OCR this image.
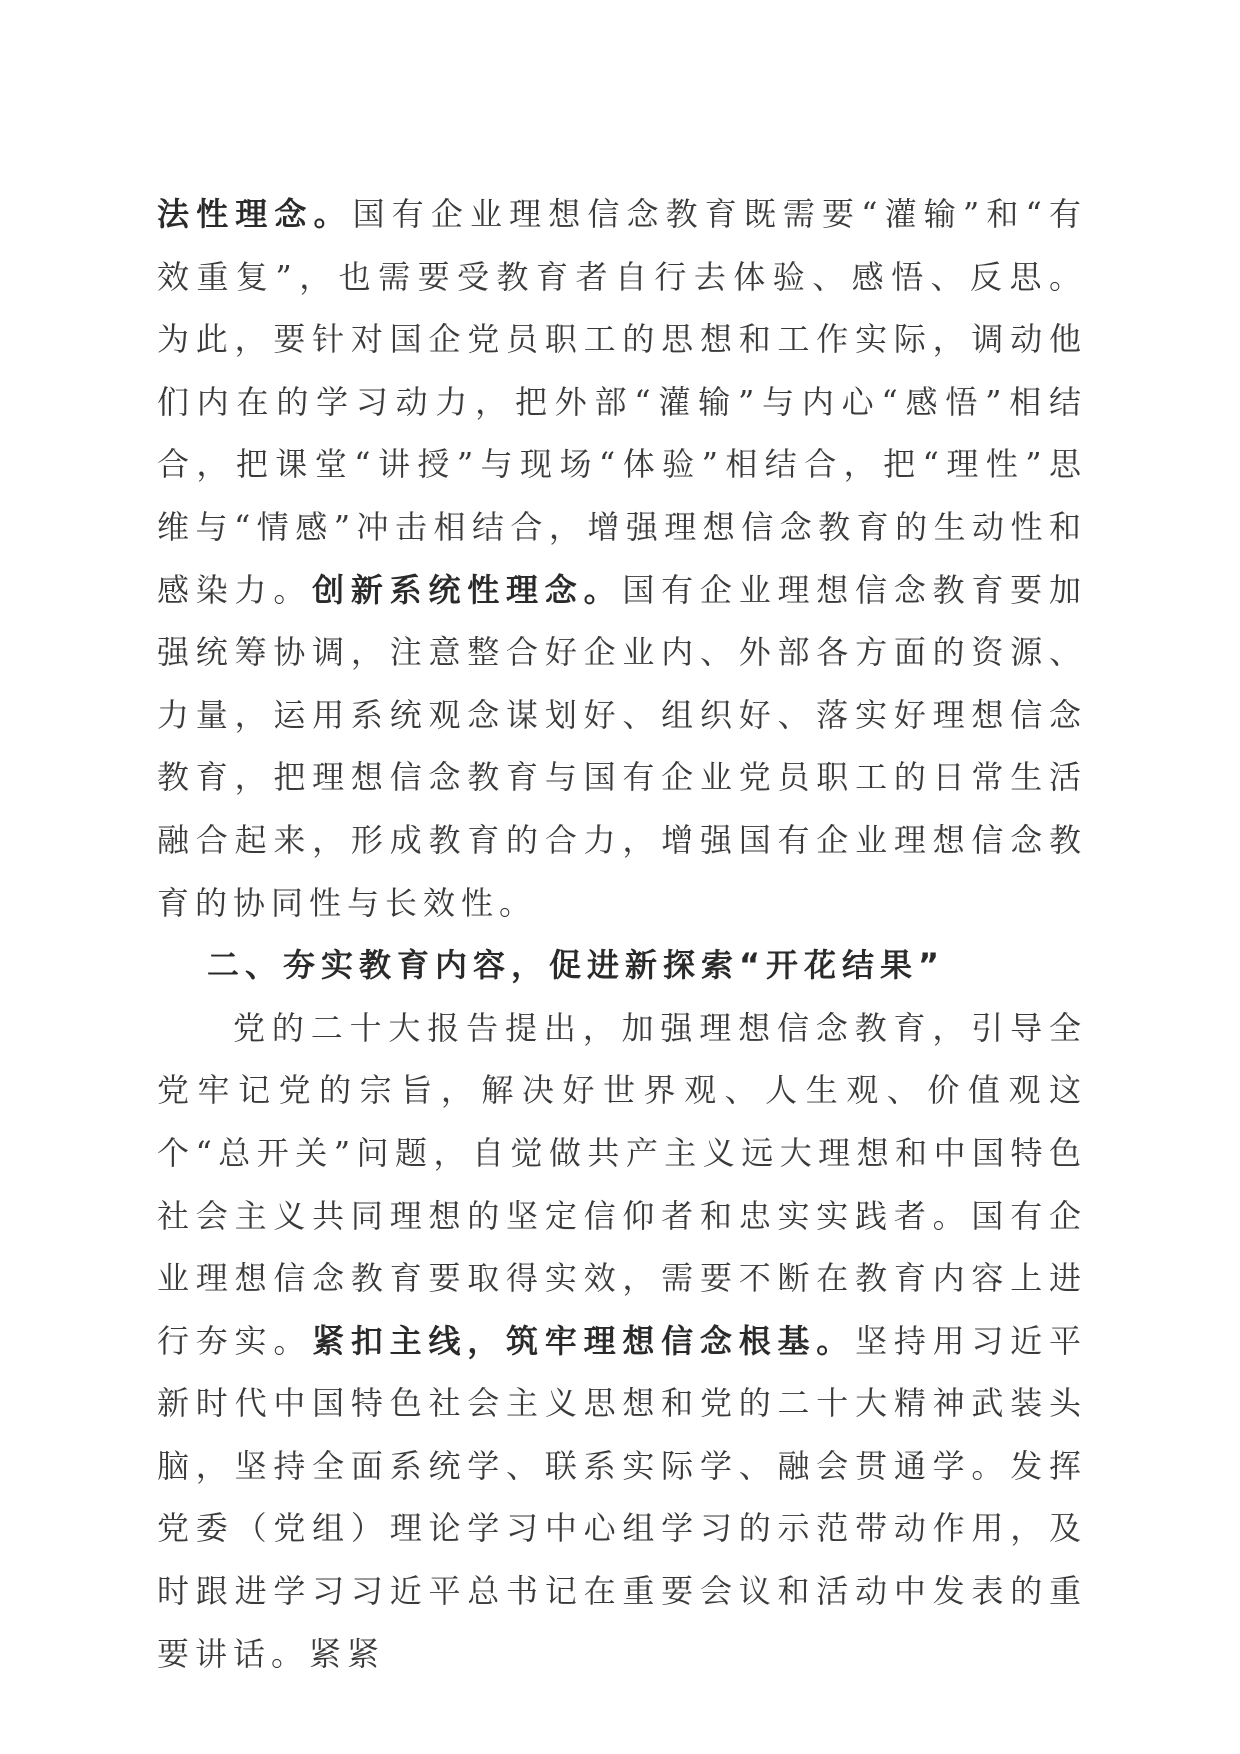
法性理念。国有企业理想信念教育既需要“灌输”和“有效重复”，也需要受教育者自行去体验、感悟、反思。为此，要针对国企党员职工的思想和工作实际，调动他们内在的学习动力，把外部“灌输”与内心“感悟”相结合，把课堂“讲授”与现场“体验”相结合，把“理性”思维与“情感”冲击相结合，增强理想信念教育的生动性和感染力。创新系统性理念。国有企业理想信念教育要加强统筹协调，注意整合好企业内、外部各方面的资源、力量，运用系统观念谋划好、组织好、落实好理想信念教育，把理想信念教育与国有企业党员职工的日常生活融合起来，形成教育的合力，增强国有企业理想信念教育的协同性与长效性。

二、夯实教育内容，促进新探索“开花结果”

党的二十大报告提出，加强理想信念教育，引导全党牢记党的宗旨，解决好世界观、人生观、价值观这个“总开关”问题，自觉做共产主义远大理想和中国特色社会主义共同理想的坚定信仰者和忠实实践者。国有企业理想信念教育要取得实效，需要不断在教育内容上进行夯实。紧扣主线，筑牢理想信念根基。坚持用习近平新时代中国特色社会主义思想和党的二十大精神武装头脑，坚持全面系统学、联系实际学、融会贯通学。发挥党委（党组）理论学习中心组学习的示范带动作用，及时跟进学习习近平总书记在重要会议和活动中发表的重要讲话。紧紧
